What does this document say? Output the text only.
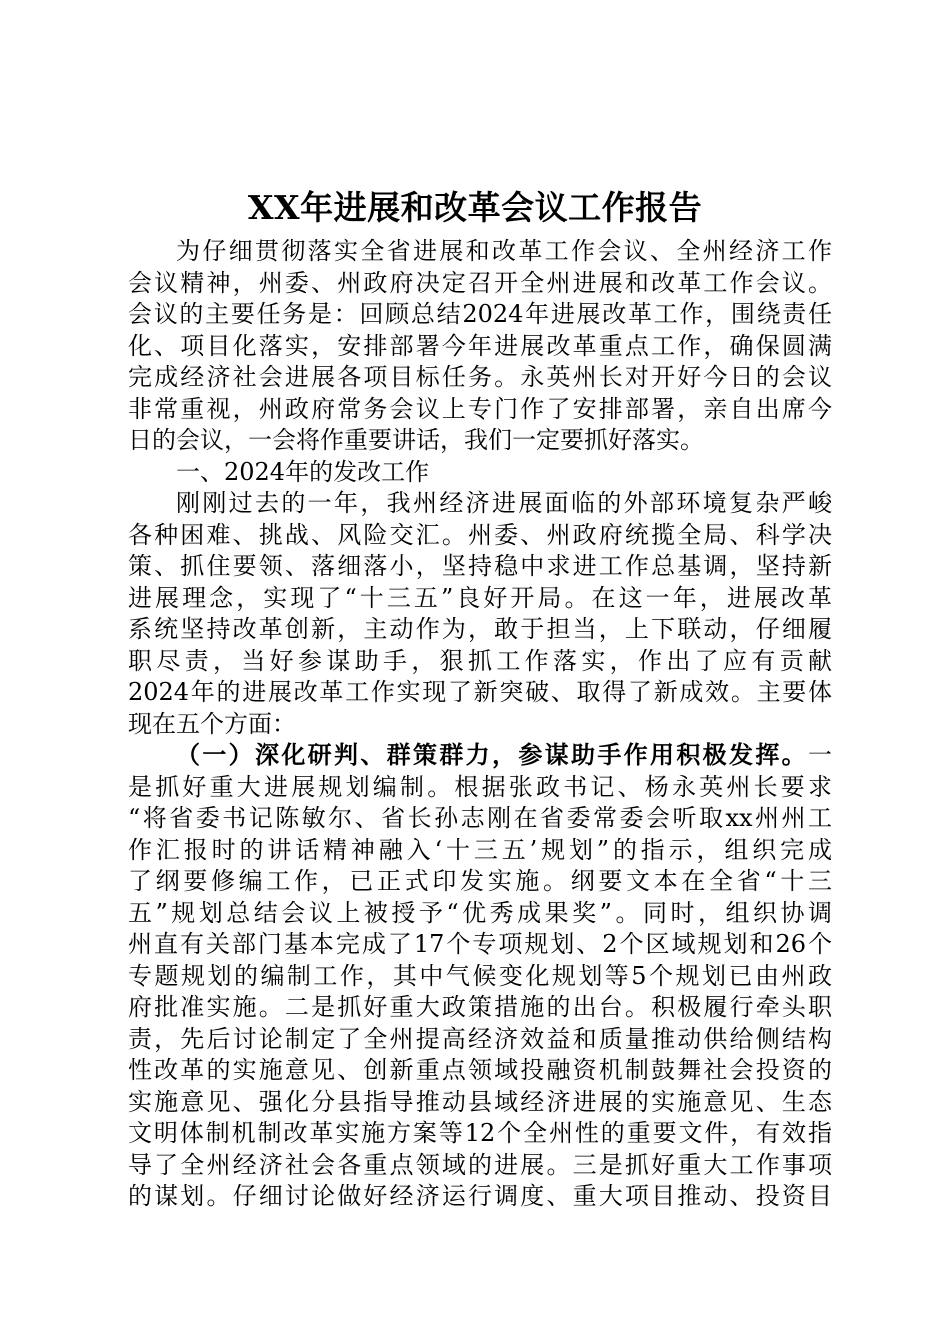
XX年进展和改革会议工作报告
为仔细贯彻落实全省进展和改革工作会议、全州经济工作
会议精神，州委、州政府决定召开全州进展和改革工作会议。
会议的主要任务是：回顾总结2024年进展改革工作，围绕责任
化、项目化落实，安排部署今年进展改革重点工作，确保圆满
完成经济社会进展各项目标任务。永英州长对开好今日的会议
非常重视，州政府常务会议上专门作了安排部署，亲自出席今
日的会议，一会将作重要讲话，我们一定要抓好落实。
一、2024年的发改工作
刚刚过去的一年，我州经济进展面临的外部环境复杂严峻
各种困难、挑战、风险交汇。州委、州政府统揽全局、科学决
策、抓住要领、落细落小，坚持稳中求进工作总基调，坚持新
进展理念，实现了“十三五”良好开局。在这一年，进展改革
系统坚持改革创新，主动作为，敢于担当，上下联动，仔细履
职尽责，当好参谋助手，狠抓工作落实，作出了应有贡献
2024年的进展改革工作实现了新突破、取得了新成效。主要体
现在五个方面：
（一）深化研判、群策群力，参谋助手作用积极发挥。一
是抓好重大进展规划编制。根据张政书记、杨永英州长要求
“将省委书记陈敏尔、省长孙志刚在省委常委会听取xx州州工
作汇报时的讲话精神融入‘十三五’规划”的指示，组织完成
了纲要修编工作，已正式印发实施。纲要文本在全省“十三
五”规划总结会议上被授予“优秀成果奖”。同时，组织协调
州直有关部门基本完成了17个专项规划、2个区域规划和26个
专题规划的编制工作，其中气候变化规划等5个规划已由州政
府批准实施。二是抓好重大政策措施的出台。积极履行牵头职
责，先后讨论制定了全州提高经济效益和质量推动供给侧结构
性改革的实施意见、创新重点领域投融资机制鼓舞社会投资的
实施意见、强化分县指导推动县域经济进展的实施意见、生态
文明体制机制改革实施方案等12个全州性的重要文件，有效指
导了全州经济社会各重点领域的进展。三是抓好重大工作事项
的谋划。仔细讨论做好经济运行调度、重大项目推动、投资目
